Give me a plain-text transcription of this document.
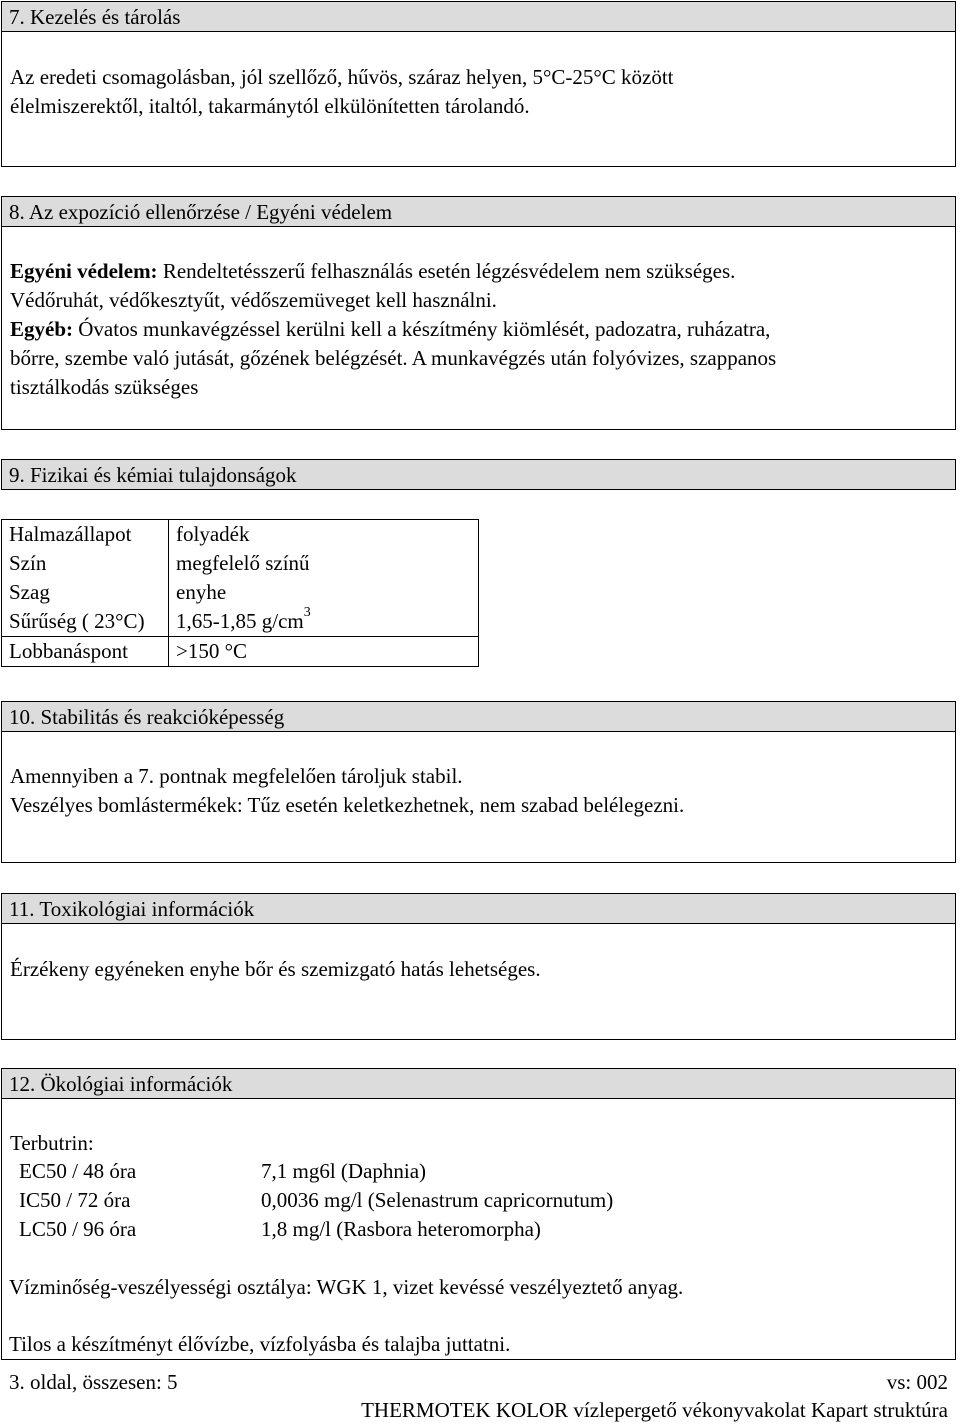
7. Kezelés és tárolás
Az eredeti csomagolásban, jól szellőző, hűvös, száraz helyen, 5°C-25°C között
élelmiszerektől, italtól, takarmánytól elkülönítetten tárolandó.
8. Az expozíció ellenőrzése / Egyéni védelem
Egyéni védelem: Rendeltetésszerű felhasználás esetén légzésvédelem nem szükséges.
Védőruhát, védőkesztyűt, védőszemüveget kell használni.
Egyéb: Óvatos munkavégzéssel kerülni kell a készítmény kiömlését, padozatra, ruházatra,
bőrre, szembe való jutását, gőzének belégzését. A munkavégzés után folyóvizes, szappanos
tisztálkodás szükséges
9. Fizikai és kémiai tulajdonságok
Halmazállapot	folyadék
Szín	megfelelő színű
Szag	enyhe
Sűrűség ( 23°C)	1,65-1,85 $g/cm^3$
Lobbanáspont	>150 °C
10. Stabilitás és reakcióképesség
Amennyiben a 7. pontnak megfelelően tároljuk stabil.
Veszélyes bomlástermékek: Tűz esetén keletkezhetnek, nem szabad belélegezni.
11. Toxikológiai információk
Érzékeny egyéneken enyhe bőr és szemizgató hatás lehetséges.
12. Ökológiai információk
Terbutrin:
EC50 / 48 óra	7,1 mg6l (Daphnia)
IC50 / 72 óra	0,0036 mg/l (Selenastrum capricornutum)
LC50 / 96 óra	1,8 mg/l (Rasbora heteromorpha)
Vízminőség-veszélyességi osztálya: WGK 1, vizet kevéssé veszélyeztető anyag.
Tilos a készítményt élővízbe, vízfolyásba és talajba juttatni.
3. oldal, összesen: 5	vs: 002
THERMOTEK KOLOR vízlepergető vékonyvakolat Kapart struktúra
